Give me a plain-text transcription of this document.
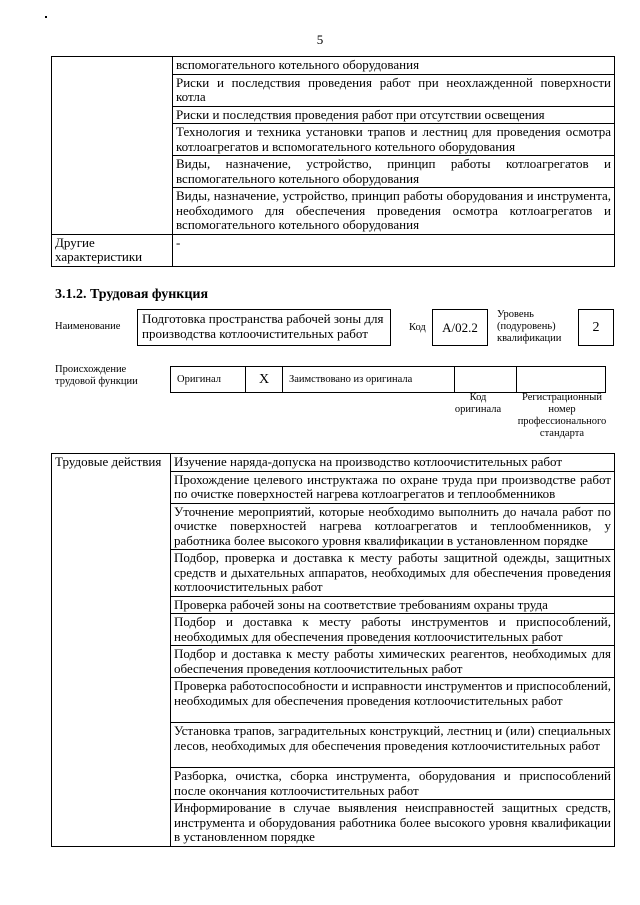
5
	вспомогательного котельного оборудования
	Риски и последствия проведения работ при неохлажденной поверхности котла
	Риски и последствия проведения работ при отсутствии освещения
	Технология и техника установки трапов и лестниц для проведения осмотра котлоагрегатов и вспомогательного котельного оборудования
	Виды, назначение, устройство, принцип работы котлоагрегатов и вспомогательного котельного оборудования
	Виды, назначение, устройство, принцип работы оборудования и инструмента, необходимого для обеспечения проведения осмотра котлоагрегатов и вспомогательного котельного оборудования
Другие характеристики	-
3.1.2. Трудовая функция
Наименование
Подготовка пространства рабочей зоны для производства котлоочистительных работ	Код	А/02.2
Уровень (подуровень) квалификации
2
Происхождение трудовой функции	Оригинал	X	Заимствовано из оригинала
Код оригинала
Регистрационный номер профессионального стандарта
Трудовые действия	Изучение наряда-допуска на производство котлоочистительных работ
Прохождение целевого инструктажа по охране труда при производстве работ по очистке поверхностей нагрева котлоагрегатов и теплообменников
Уточнение мероприятий, которые необходимо выполнить до начала работ по очистке поверхностей нагрева котлоагрегатов и теплообменников, у работника более высокого уровня квалификации в установленном порядке
Подбор, проверка и доставка к месту работы защитной одежды, защитных средств и дыхательных аппаратов, необходимых для обеспечения проведения котлоочистительных работ
Проверка рабочей зоны на соответствие требованиям охраны труда
Подбор и доставка к месту работы инструментов и приспособлений, необходимых для обеспечения проведения котлоочистительных работ
Подбор и доставка к месту работы химических реагентов, необходимых для обеспечения проведения котлоочистительных работ
Проверка работоспособности и исправности инструментов и приспособлений, необходимых для обеспечения проведения котлоочистительных работ
Установка трапов, заградительных конструкций, лестниц и (или) специальных лесов, необходимых для обеспечения проведения котлоочистительных работ
Разборка, очистка, сборка инструмента, оборудования и приспособлений после окончания котлоочистительных работ
Информирование в случае выявления неисправностей защитных средств, инструмента и оборудования работника более высокого уровня квалификации в установленном порядке
